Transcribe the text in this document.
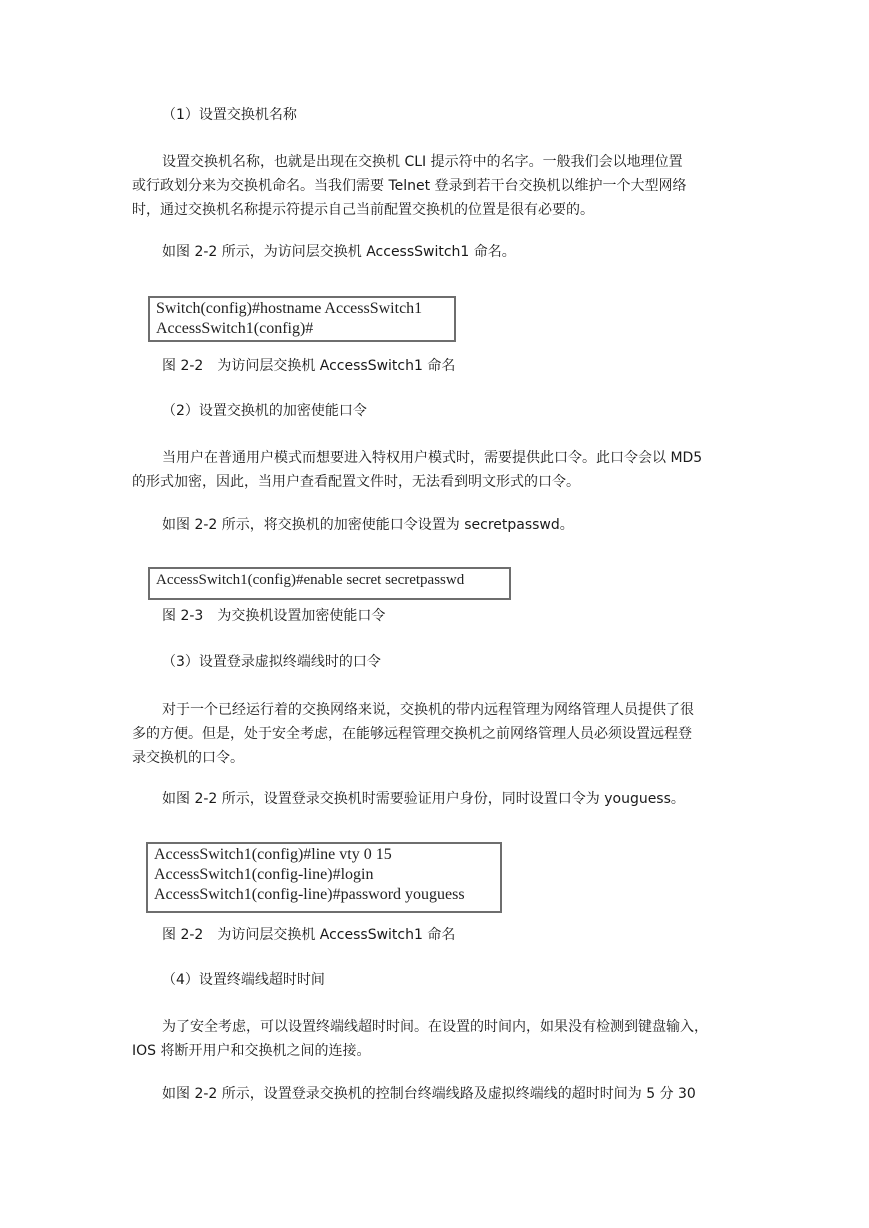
（1）设置交换机名称

设置交换机名称，也就是出现在交换机 CLI 提示符中的名字。一般我们会以地理位置
或行政划分来为交换机命名。当我们需要 Telnet 登录到若干台交换机以维护一个大型网络
时，通过交换机名称提示符提示自己当前配置交换机的位置是很有必要的。

如图 2-2 所示，为访问层交换机 AccessSwitch1 命名。

Switch(config)#hostname AccessSwitch1
AccessSwitch1(config)#

图 2-2　为访问层交换机 AccessSwitch1 命名

（2）设置交换机的加密使能口令

当用户在普通用户模式而想要进入特权用户模式时，需要提供此口令。此口令会以 MD5
的形式加密，因此，当用户查看配置文件时，无法看到明文形式的口令。

如图 2-2 所示，将交换机的加密使能口令设置为 secretpasswd。

AccessSwitch1(config)#enable secret secretpasswd

图 2-3　为交换机设置加密使能口令

（3）设置登录虚拟终端线时的口令

对于一个已经运行着的交换网络来说，交换机的带内远程管理为网络管理人员提供了很
多的方便。但是，处于安全考虑，在能够远程管理交换机之前网络管理人员必须设置远程登
录交换机的口令。

如图 2-2 所示，设置登录交换机时需要验证用户身份，同时设置口令为 youguess。

AccessSwitch1(config)#line vty 0 15
AccessSwitch1(config-line)#login
AccessSwitch1(config-line)#password youguess

图 2-2　为访问层交换机 AccessSwitch1 命名

（4）设置终端线超时时间

为了安全考虑，可以设置终端线超时时间。在设置的时间内，如果没有检测到键盘输入，
IOS 将断开用户和交换机之间的连接。

如图 2-2 所示，设置登录交换机的控制台终端线路及虚拟终端线的超时时间为 5 分 30
